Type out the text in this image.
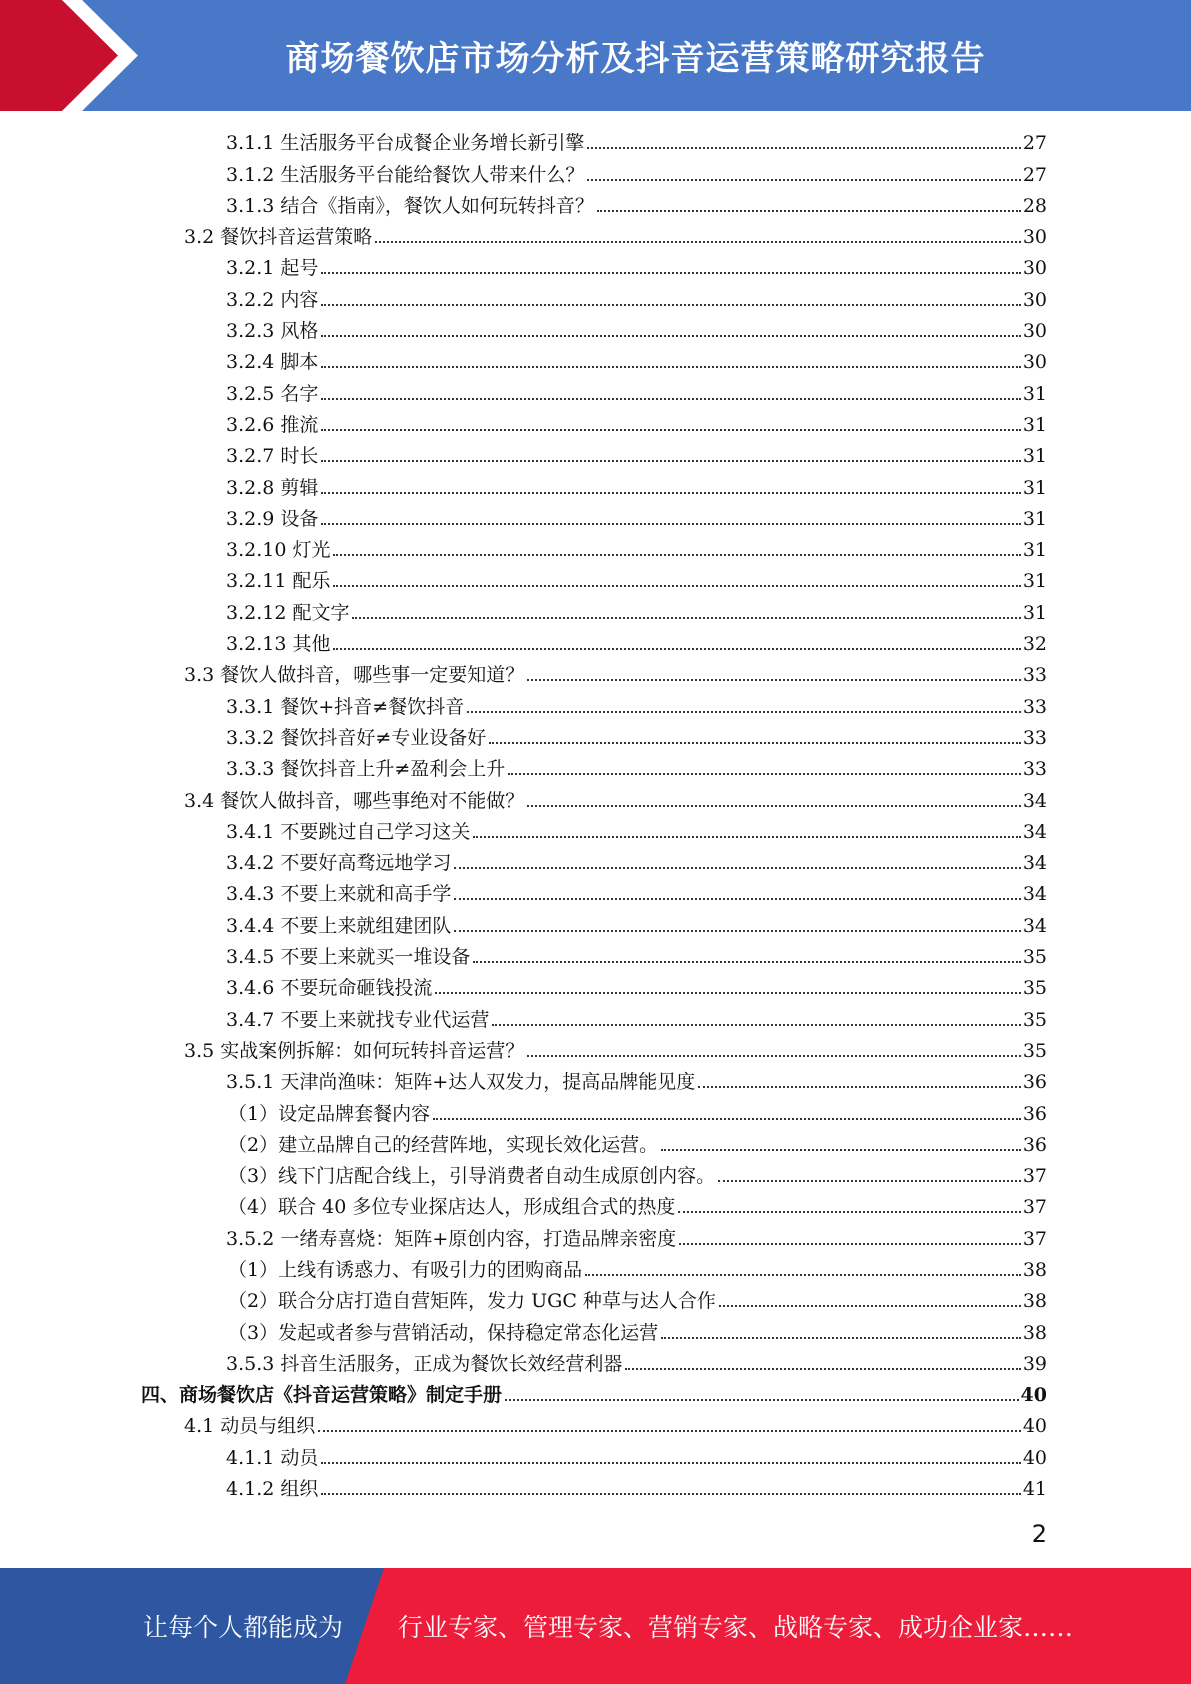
商场餐饮店市场分析及抖音运营策略研究报告
3.1.1 生活服务平台成餐企业务增长新引擎	27
3.1.2 生活服务平台能给餐饮人带来什么？	27
3.1.3 结合《指南》，餐饮人如何玩转抖音？	28
3.2 餐饮抖音运营策略	30
3.2.1 起号	30
3.2.2 内容	30
3.2.3 风格	30
3.2.4 脚本	30
3.2.5 名字	31
3.2.6 推流	31
3.2.7 时长	31
3.2.8 剪辑	31
3.2.9 设备	31
3.2.10 灯光	31
3.2.11 配乐	31
3.2.12 配文字	31
3.2.13 其他	32
3.3 餐饮人做抖音，哪些事一定要知道？	33
3.3.1 餐饮+抖音≠餐饮抖音	33
3.3.2 餐饮抖音好≠专业设备好	33
3.3.3 餐饮抖音上升≠盈利会上升	33
3.4 餐饮人做抖音，哪些事绝对不能做？	34
3.4.1 不要跳过自己学习这关	34
3.4.2 不要好高骛远地学习	34
3.4.3 不要上来就和高手学	34
3.4.4 不要上来就组建团队	34
3.4.5 不要上来就买一堆设备	35
3.4.6 不要玩命砸钱投流	35
3.4.7 不要上来就找专业代运营	35
3.5 实战案例拆解：如何玩转抖音运营？	35
3.5.1 天津尚渔味：矩阵+达人双发力，提高品牌能见度	36
（1）设定品牌套餐内容	36
（2）建立品牌自己的经营阵地，实现长效化运营。	36
（3）线下门店配合线上，引导消费者自动生成原创内容。	37
（4）联合 40 多位专业探店达人，形成组合式的热度	37
3.5.2 一绪寿喜烧：矩阵+原创内容，打造品牌亲密度	37
（1）上线有诱惑力、有吸引力的团购商品	38
（2）联合分店打造自营矩阵，发力 UGC 种草与达人合作	38
（3）发起或者参与营销活动，保持稳定常态化运营	38
3.5.3 抖音生活服务，正成为餐饮长效经营利器	39
四、商场餐饮店《抖音运营策略》制定手册	40
4.1 动员与组织	40
4.1.1 动员	40
4.1.2 组织	41
2
让每个人都能成为 行业专家、管理专家、营销专家、战略专家、成功企业家……
